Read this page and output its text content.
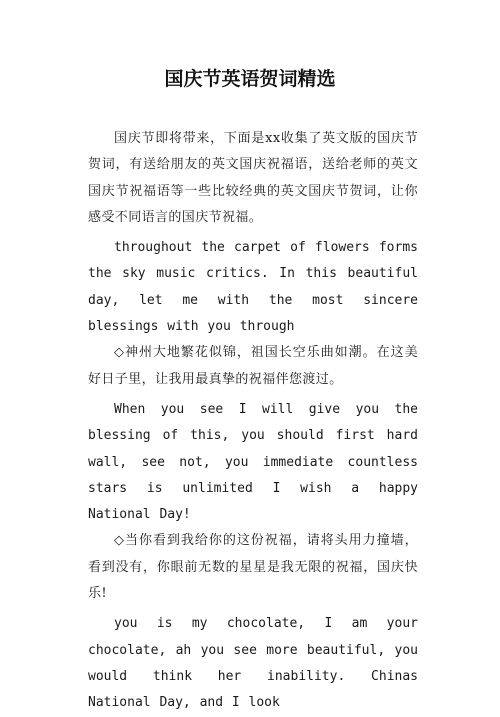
国庆节英语贺词精选

国庆节即将带来，下面是xx收集了英文版的国庆节贺词，有送给朋友的英文国庆祝福语，送给老师的英文国庆节祝福语等一些比较经典的英文国庆节贺词，让你感受不同语言的国庆节祝福。

throughout the carpet of flowers forms the sky music critics. In this beautiful day, let me with the most sincere blessings with you through

◇神州大地繁花似锦，祖国长空乐曲如潮。在这美好日子里，让我用最真挚的祝福伴您渡过。

When you see I will give you the blessing of this, you should first hard wall, see not, you immediate countless stars is unlimited I wish a happy National Day!

◇当你看到我给你的这份祝福，请将头用力撞墙，看到没有，你眼前无数的星星是我无限的祝福，国庆快乐!

you is my chocolate, I am your chocolate, ah you see more beautiful, you would think her inability. Chinas National Day, and I look
